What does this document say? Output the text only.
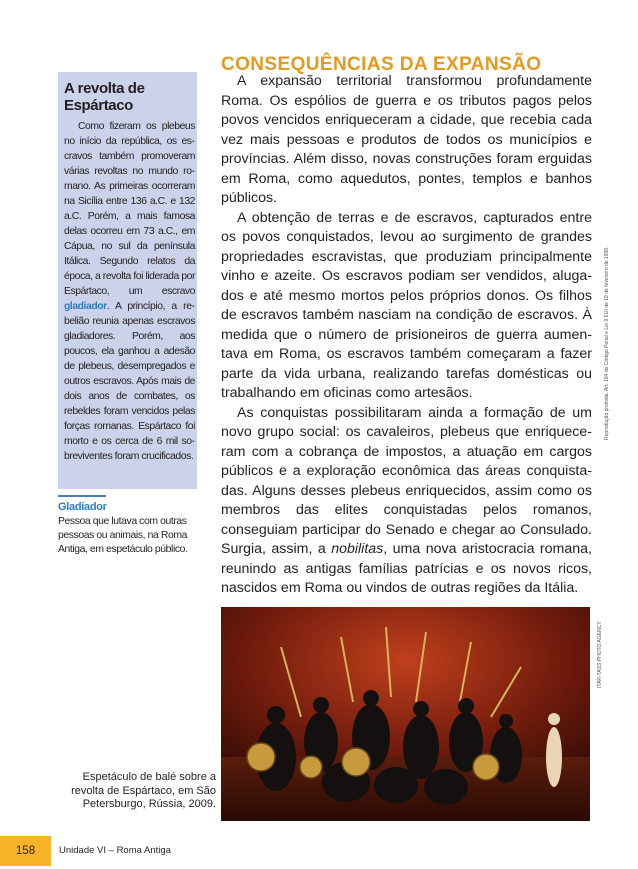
CONSEQUÊNCIAS DA EXPANSÃO

A expansão territorial transformou profundamente Roma. Os espólios de guerra e os tributos pagos pelos povos vencidos enriqueceram a cidade, que recebia cada vez mais pessoas e produtos de todos os municípios e províncias. Além disso, novas construções foram erguidas em Roma, como aquedutos, pontes, templos e banhos públicos.

A obtenção de terras e de escravos, capturados entre os povos conquistados, levou ao surgimento de grandes propriedades escravistas, que produziam principalmente vinho e azeite. Os escravos podiam ser vendidos, alugados e até mesmo mortos pelos próprios donos. Os filhos de escravos também nasciam na condição de escravos. À medida que o número de prisioneiros de guerra aumentava em Roma, os escravos também começaram a fazer parte da vida urbana, realizando tarefas domésticas ou trabalhando em oficinas como artesãos.

As conquistas possibilitaram ainda a formação de um novo grupo social: os cavaleiros, plebeus que enriqueceram com a cobrança de impostos, a atuação em cargos públicos e a exploração econômica das áreas conquistadas. Alguns desses plebeus enriquecidos, assim como os membros das elites conquistadas pelos romanos, conseguiam participar do Senado e chegar ao Consulado. Surgia, assim, a nobilitas, uma nova aristocracia romana, reunindo as antigas famílias patrícias e os novos ricos, nascidos em Roma ou vindos de outras regiões da Itália.

Reprodução proibida. Art. 184 do Código Penal e Lei 9.610 de 19 de fevereiro de 1998.
A revolta de Espártaco

Como fizeram os plebeus no início da república, os escravos também promoveram várias revoltas no mundo romano. As primeiras ocorreram na Sicília entre 136 a.C. e 132 a.C. Porém, a mais famosa delas ocorreu em 73 a.C., em Cápua, no sul da península Itálica. Segundo relatos da época, a revolta foi liderada por Espártaco, um escravo gladiador. A princípio, a rebelião reunia apenas escravos gladiadores. Porém, aos poucos, ela ganhou a adesão de plebeus, desempregados e outros escravos. Após mais de dois anos de combates, os rebeldes foram vencidos pelas forças romanas. Espártaco foi morto e os cerca de 6 mil sobreviventes foram crucificados.

Gladiador
Pessoa que lutava com outras pessoas ou animais, na Roma Antiga, em espetáculo público.
ITAR-TASS PHOTO AGENCY
Espetáculo de balé sobre a revolta de Espártaco, em São Petersburgo, Rússia, 2009.
158	Unidade VI – Roma Antiga
